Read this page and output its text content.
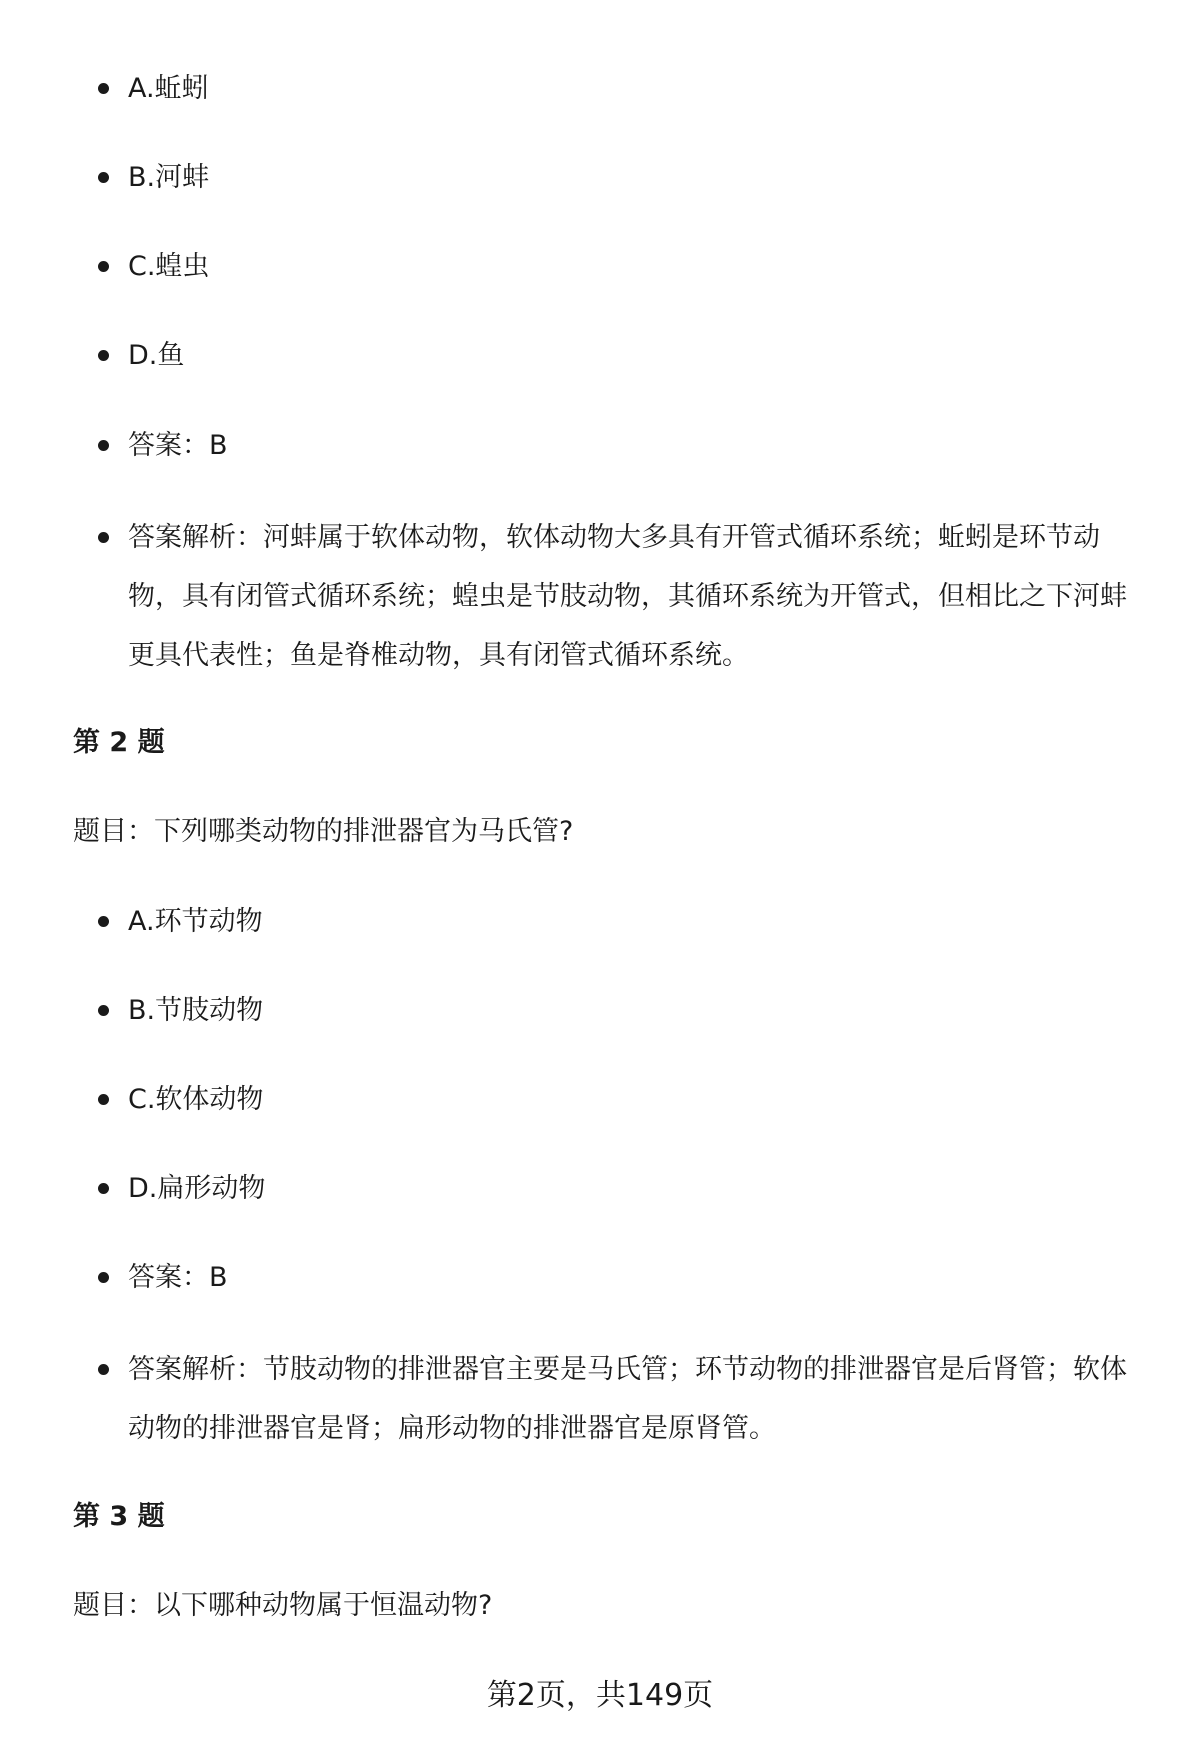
A.蚯蚓
B.河蚌
C.蝗虫
D.鱼
答案：B
答案解析：河蚌属于软体动物，软体动物大多具有开管式循环系统；蚯蚓是环节动物，具有闭管式循环系统；蝗虫是节肢动物，其循环系统为开管式，但相比之下河蚌更具代表性；鱼是脊椎动物，具有闭管式循环系统。
第 2 题
题目：下列哪类动物的排泄器官为马氏管?
A.环节动物
B.节肢动物
C.软体动物
D.扁形动物
答案：B
答案解析：节肢动物的排泄器官主要是马氏管；环节动物的排泄器官是后肾管；软体动物的排泄器官是肾；扁形动物的排泄器官是原肾管。
第 3 题
题目：以下哪种动物属于恒温动物?
第2页，共149页
